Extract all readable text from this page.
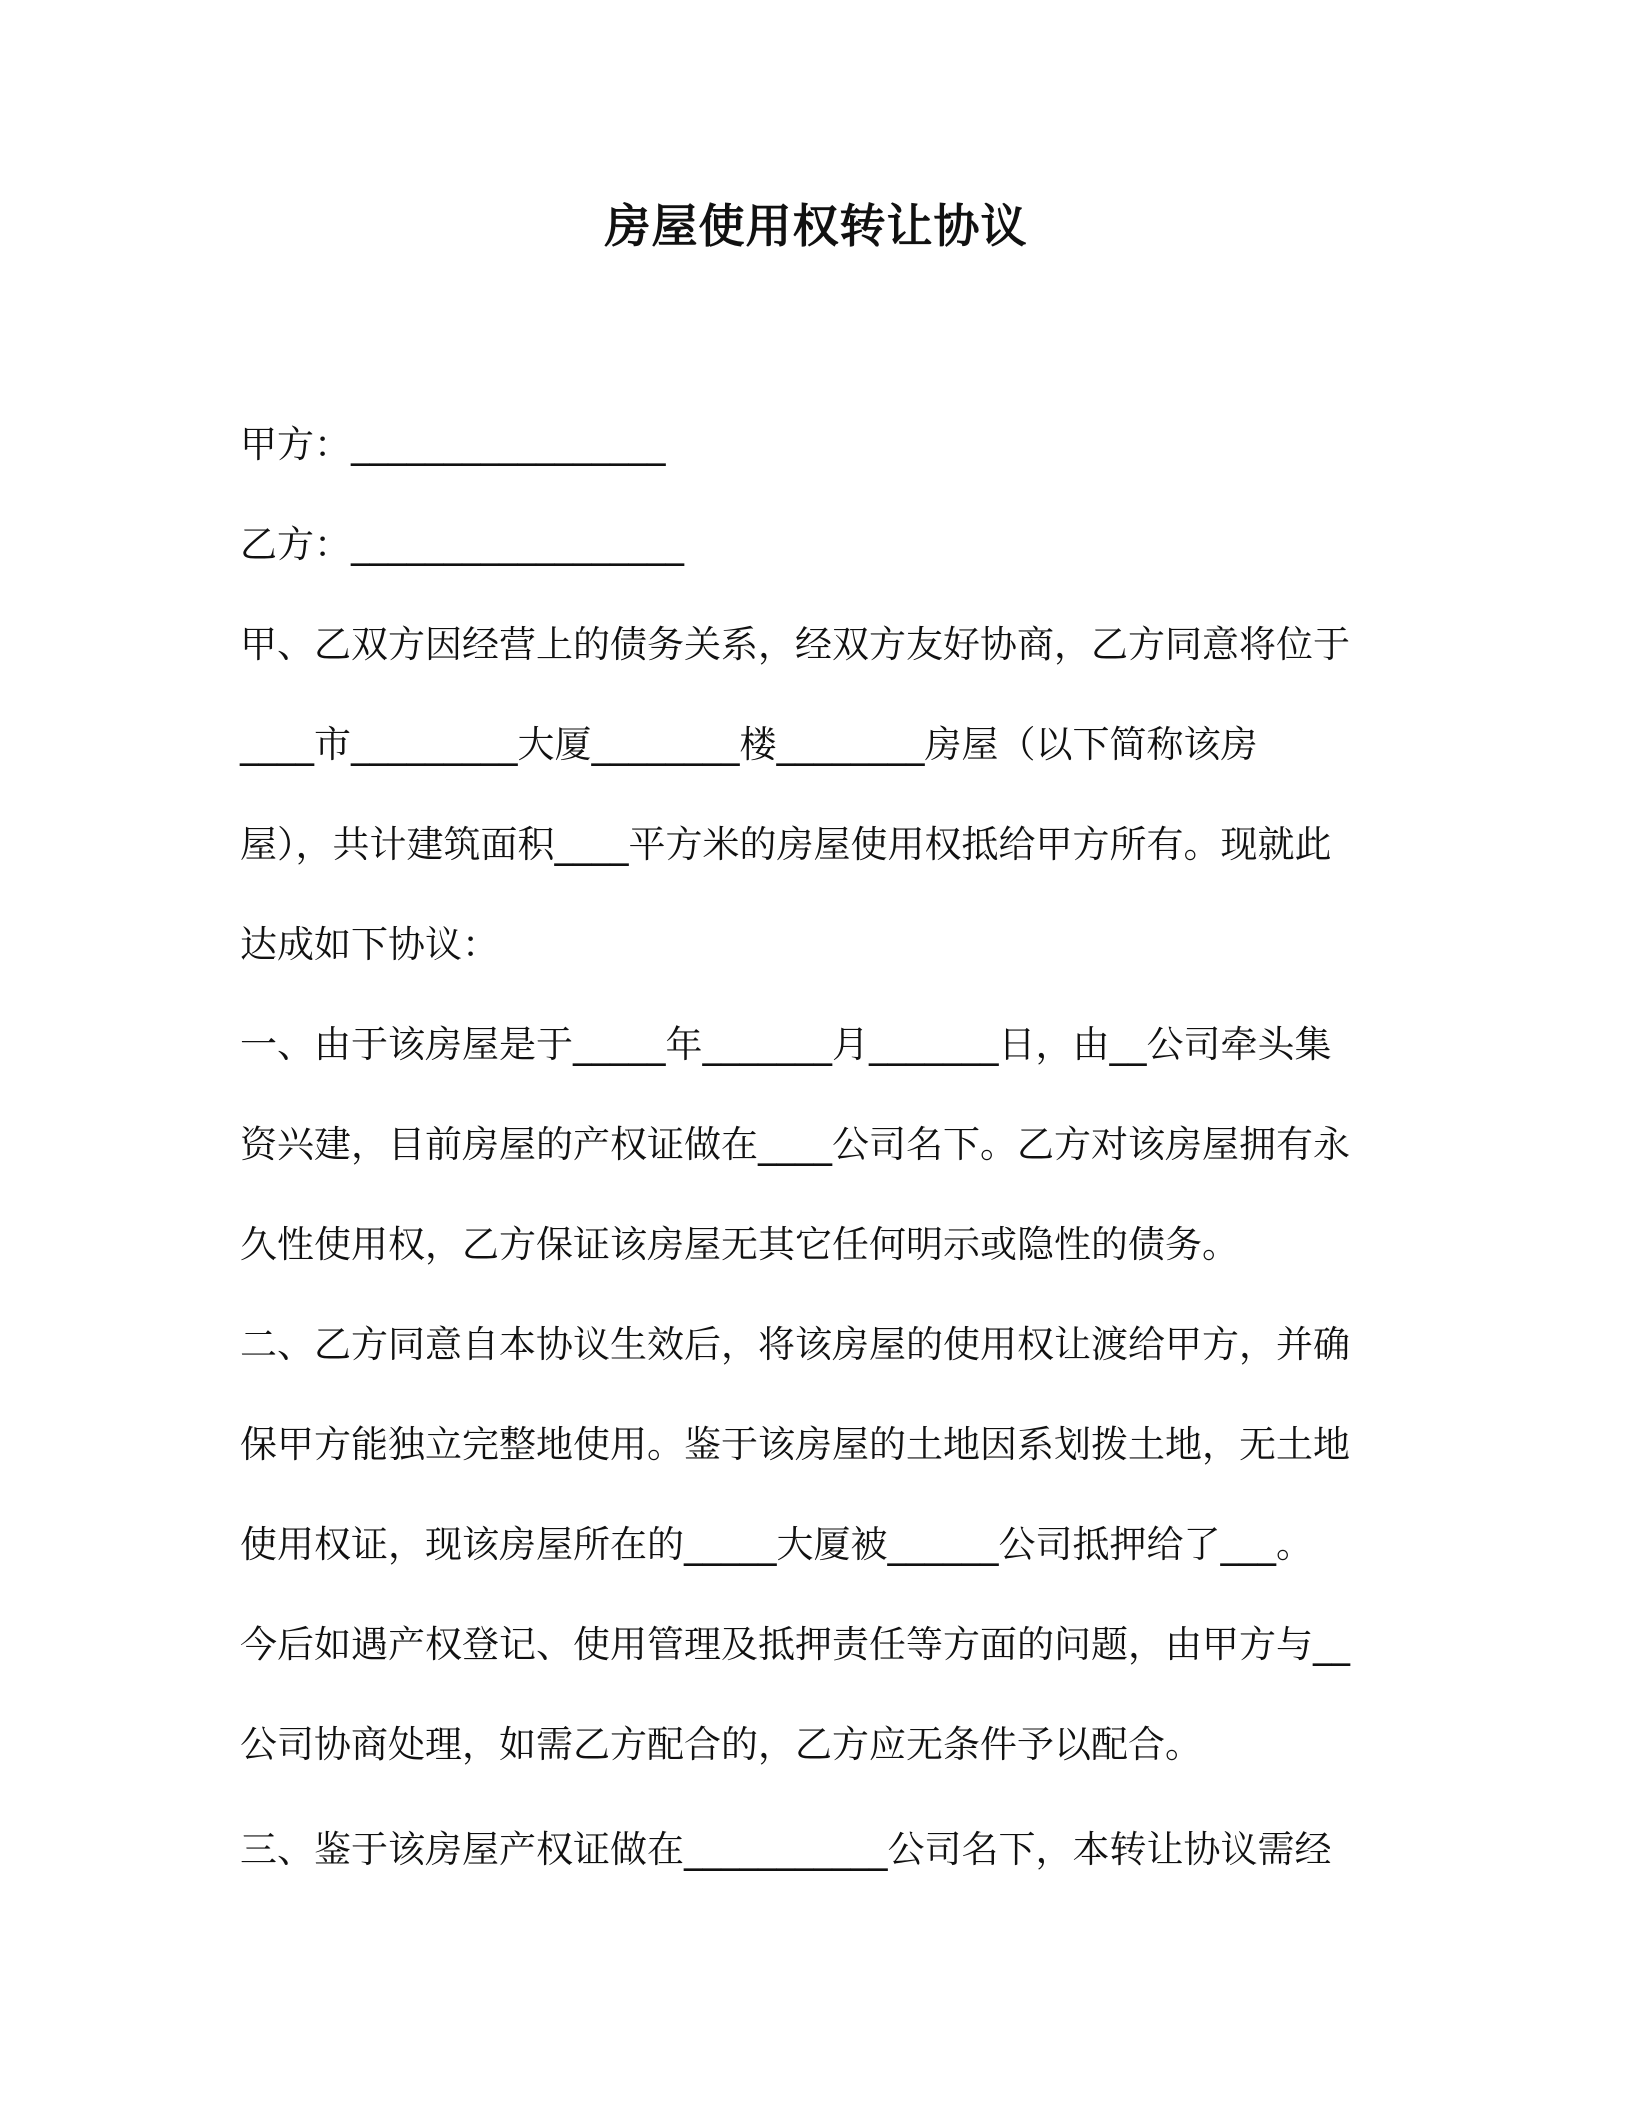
房屋使用权转让协议

甲方：_________________

乙方：__________________

甲、乙双方因经营上的债务关系，经双方友好协商，乙方同意将位于

____市_________大厦________楼________房屋（以下简称该房

屋），共计建筑面积____平方米的房屋使用权抵给甲方所有。现就此

达成如下协议：

一、由于该房屋是于_____年_______月_______日，由__公司牵头集

资兴建，目前房屋的产权证做在____公司名下。乙方对该房屋拥有永

久性使用权，乙方保证该房屋无其它任何明示或隐性的债务。

二、乙方同意自本协议生效后，将该房屋的使用权让渡给甲方，并确

保甲方能独立完整地使用。鉴于该房屋的土地因系划拨土地，无土地

使用权证，现该房屋所在的_____大厦被______公司抵押给了___。

今后如遇产权登记、使用管理及抵押责任等方面的问题，由甲方与__

公司协商处理，如需乙方配合的，乙方应无条件予以配合。

三、鉴于该房屋产权证做在___________公司名下，本转让协议需经
